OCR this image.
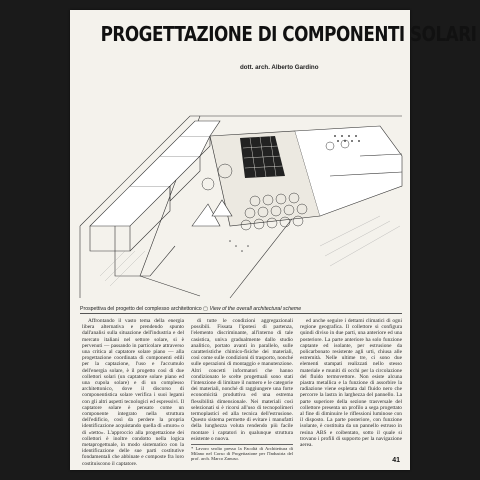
PROGETTAZIONE DI COMPONENTI SOLARI
dott. arch. Alberto Gardino
Prospettiva del progetto del complesso architettonico ▢ View of the overall architectural scheme

Affrontando il vasto tema della energia libera alternativa e prendendo spunto dall'analisi sulla situazione dell'industria e del mercato italiani nel settore solare, si è pervenuti — passando in particolare attraverso una critica al captatore solare piano — alla progettazione coordinata di componenti edili per la captazione, l'uso e l'accumulo dell'energia solare, è il progetto così di due collettori solari (un captatore solare piano ed una cupola solare) e di un complesso architettonico, dove il discorso di componentistica solare verifica i suoi legami con gli altri aspetti tecnologici ed espressivi. Il captatore solare è pensato come un componente integrato nella struttura dell'edificio, così da perdere la propria identificazione acquistando quella di «muro» o di «tetto». L'approccio alla progettazione dei collettori è inoltre condotto nella logica metaprogettuale, in modo sistematico con la identificazione delle sue parti costitutive fondamentali che abbinate e composte fra loro costituiscono il captatore.

di tutte le condizioni aggregazionali possibili. Fissata l'ipotesi di partenza, l'elemento discriminante, all'interno di tale casistica, univa gradualmente dallo studio analitico, portato avanti in parallelo, sulle caratteristiche chimico-fisiche dei materiali, così come sulle condizioni di trasporto, nonché sulle operazioni di montaggio e manutenzione. Altri concetti informatori che hanno condizionato le scelte progettuali sono stati l'intenzione di limitare il numero e le categorie dei materiali, nonché di raggiungere una forte economicità produttiva ed una estrema flessibilità dimensionale. Nei materiali così selezionati si è ricorsi all'uso di tecnopolimeri termoplastici ed alla tecnica dell'estrusione. Questo sistema permette di evitare i manufatti della lunghezza voluta rendendo più facile montare i captatori in qualunque struttura esistente o nuova.

* Lavoro svolto presso la Facoltà di Architettura di Milano nel Corso di Progettazione per l'Industria del prof. arch. Marco Zanuso.

ed anche seguire i dettami climatici di ogni regione geografica. Il collettore si configura quindi diviso in due parti, una anteriore ed una posteriore. La parte anteriore ha solo funzione captante ed isolante, per estrusione da policarbonato resistente agli urti, chiusa alle estremità. Nelle ultime tre, ci sono due elementi stampati realizzati nello stesso materiale e muniti di occhi per la circolazione del fluido termovettore. Non esiste alcuna piastra metallica e la funzione di assorbire la radiazione viene espletata dal fluido nero che percorre la lastra in larghezza del pannello. La parte superiore della sezione trasversale del collettore presenta un profilo a sega progettato al fine di diminuire le riflessioni luminose con il disposto. La parte posteriore, con funzione isolante, è costituita da un pannello estruso in resina ABS e coibentato, sotto il quale si trovano i profili di supporto per la navigazione aerea.

41
